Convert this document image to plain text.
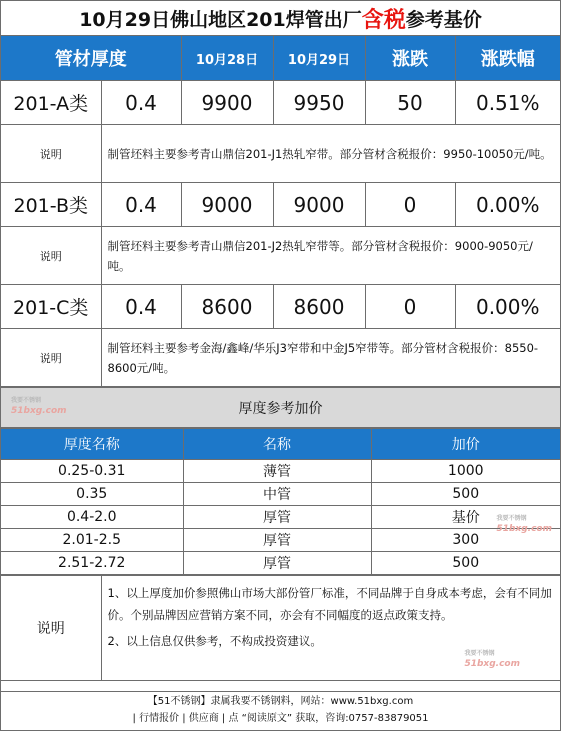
10月29日佛山地区201焊管出厂 含税 参考基价
管材厚度		10月28日	10月29日	涨跌	涨跌幅
201-A类	0.4	9900	9950	50	0.51%
说明	制管坯料主要参考青山鼎信201-J1热轧窄带。部分管材含税报价：9950-10050元/吨。				
201-B类	0.4	9000	9000	0	0.00%
说明	制管坯料主要参考青山鼎信201-J2热轧窄带等。部分管材含税报价：9000-9050元/吨。				
201-C类	0.4	8600	8600	0	0.00%
说明	制管坯料主要参考金海/鑫峰/华乐J3窄带和中金J5窄带等。部分管材含税报价：8550-8600元/吨。				
厚度参考加价
我要不锈钢
51bxg.com
厚度名称	名称	加价
0.25-0.31	薄管	1000
0.35	中管	500
0.4-2.0	厚管	基价
2.01-2.5	厚管	300
2.51-2.72	厚管	500
说明	
1、以上厚度加价参照佛山市场大部份管厂标准，不同品牌于自身成本考虑，会有不同加价。个别品牌因应营销方案不同，亦会有不同幅度的返点政策支持。
2、以上信息仅供参考，不构成投资建议。
我要不锈钢
51bxg.com
我要不锈钢
51bxg.com
【51不锈钢】隶属我要不锈钢料，网站：www.51bxg.com
| 行情报价 | 供应商 | 点 “阅读原文” 获取，咨询:0757-83879051
